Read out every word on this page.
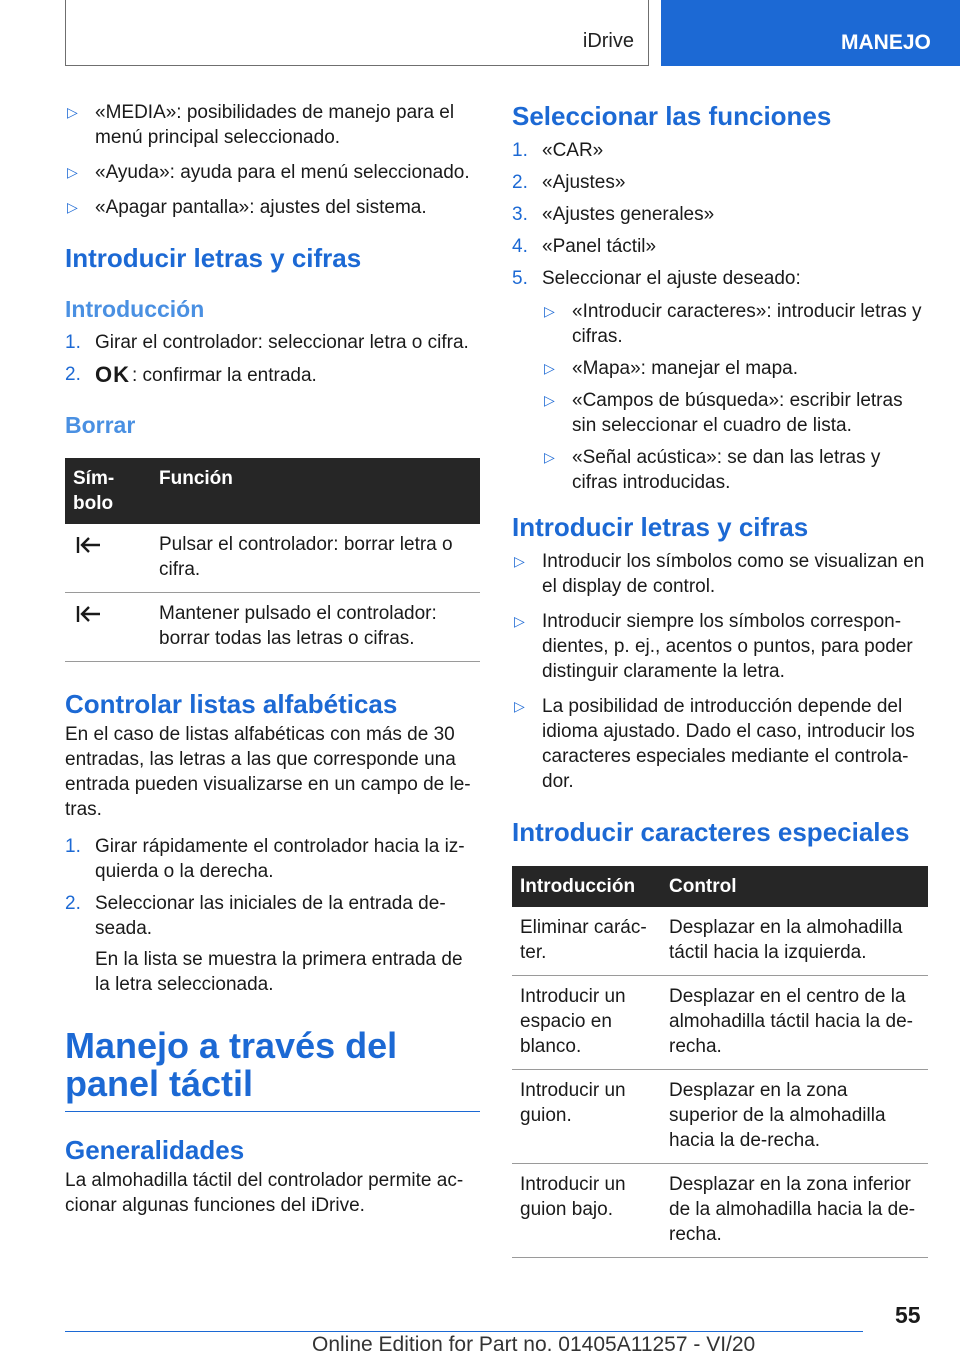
iDrive	MANEJO
▷ «MEDIA»: posibilidades de manejo para el menú principal seleccionado.
▷ «Ayuda»: ayuda para el menú seleccionado.
▷ «Apagar pantalla»: ajustes del sistema.
Introducir letras y cifras
Introducción
1. Girar el controlador: seleccionar letra o cifra.
2. OK : confirmar la entrada.
Borrar
Sím-bolo	Función
	Pulsar el controlador: borrar letra o cifra.
	Mantener pulsado el controlador: borrar todas las letras o cifras.
Controlar listas alfabéticas

En el caso de listas alfabéticas con más de 30 entradas, las letras a las que corresponde una entrada pueden visualizarse en un campo de le-tras.

1. Girar rápidamente el controlador hacia la iz-quierda o la derecha.
2. Seleccionar las iniciales de la entrada de-seada.
En la lista se muestra la primera entrada de la letra seleccionada.
Manejo a través del panel táctil
Generalidades

La almohadilla táctil del controlador permite ac-cionar algunas funciones del iDrive.

Seleccionar las funciones
1. «CAR»
2. «Ajustes»
3. «Ajustes generales»
4. «Panel táctil»
5. Seleccionar el ajuste deseado:
▷ «Introducir caracteres»: introducir letras y cifras.
▷ «Mapa»: manejar el mapa.
▷ «Campos de búsqueda»: escribir letras sin seleccionar el cuadro de lista.
▷ «Señal acústica»: se dan las letras y cifras introducidas.
Introducir letras y cifras
▷ Introducir los símbolos como se visualizan en el display de control.
▷ Introducir siempre los símbolos correspon-dientes, p. ej., acentos o puntos, para poder distinguir claramente la letra.
▷ La posibilidad de introducción depende del idioma ajustado. Dado el caso, introducir los caracteres especiales mediante el controla-dor.
Introducir caracteres especiales
Introducción	Control
Eliminar carác-ter.	Desplazar en la almohadilla táctil hacia la izquierda.
Introducir un espacio en blanco.	Desplazar en el centro de la almohadilla táctil hacia la de-recha.
Introducir un guion.	Desplazar en la zona superior de la almohadilla hacia la de-recha.
Introducir un guion bajo.	Desplazar en la zona inferior de la almohadilla hacia la de-recha.
55
Online Edition for Part no. 01405A11257 - VI/20
